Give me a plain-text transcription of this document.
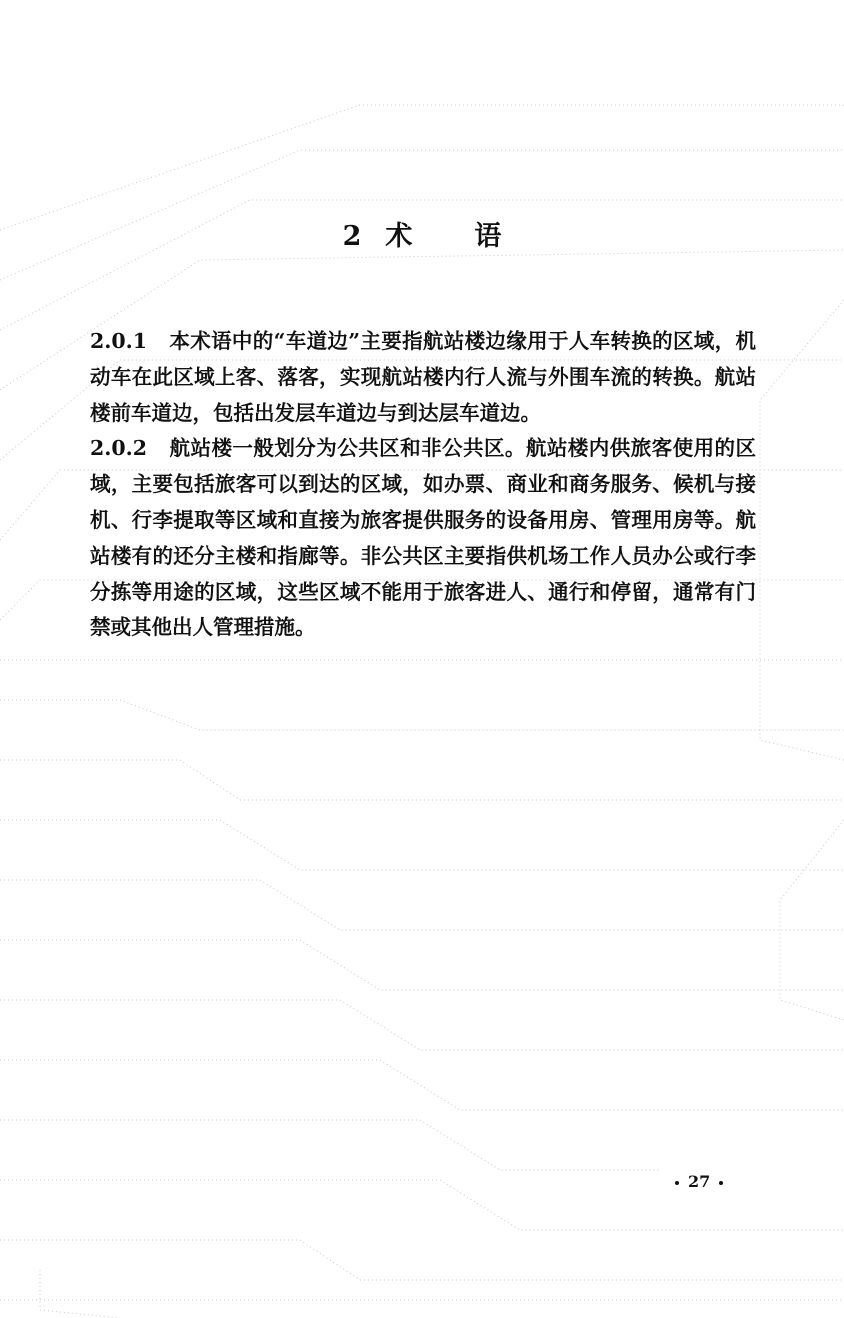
2 术 语

2.0.1 本术语中的“车道边”主要指航站楼边缘用于人车转换的区域，机动车在此区域上客、落客，实现航站楼内行人流与外围车流的转换。航站楼前车道边，包括出发层车道边与到达层车道边。

2.0.2 航站楼一般划分为公共区和非公共区。航站楼内供旅客使用的区域，主要包括旅客可以到达的区域，如办票、商业和商务服务、候机与接机、行李提取等区域和直接为旅客提供服务的设备用房、管理用房等。航站楼有的还分主楼和指廊等。非公共区主要指供机场工作人员办公或行李分拣等用途的区域，这些区域不能用于旅客进人、通行和停留，通常有门禁或其他出人管理措施。

27
